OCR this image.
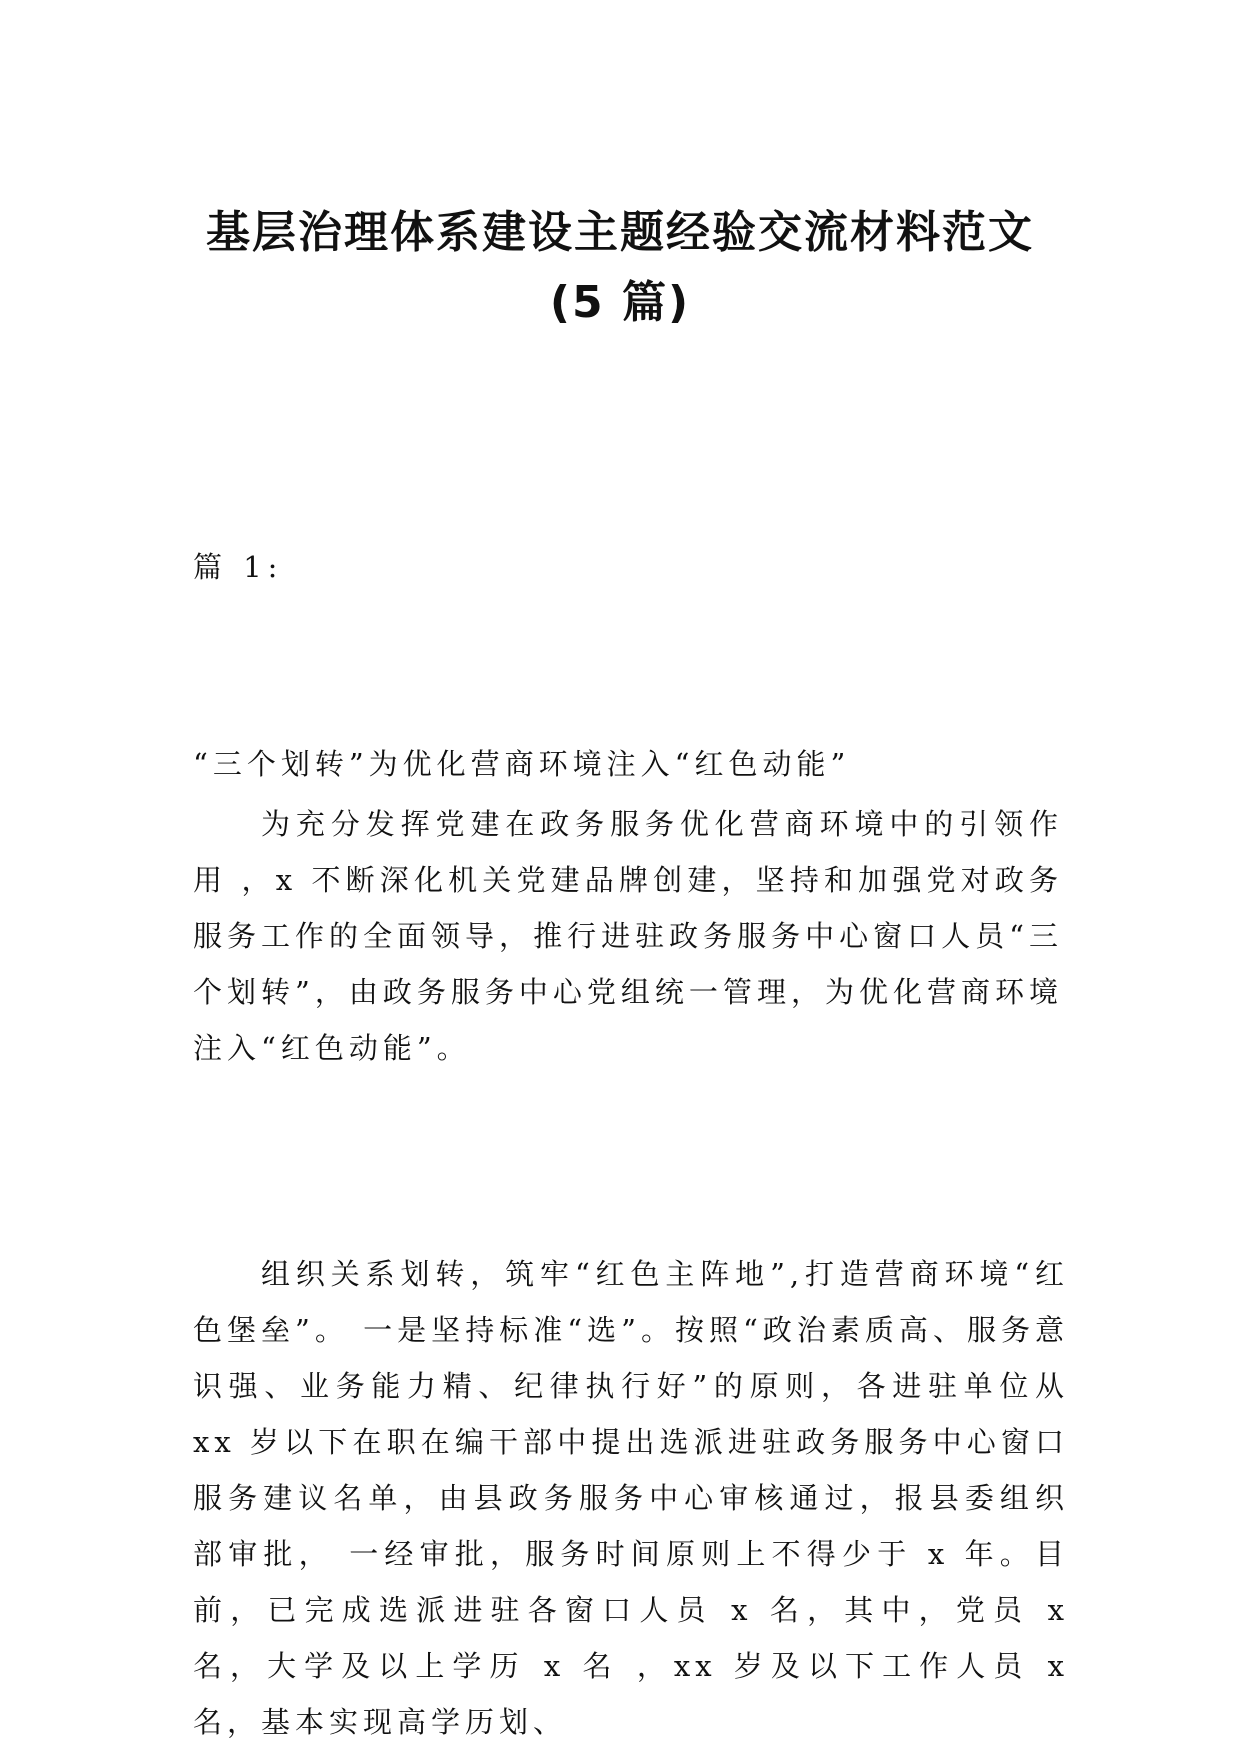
基层治理体系建设主题经验交流材料范文
(5 篇)
篇 1:
“三个划转”为优化营商环境注入“红色动能”

为充分发挥党建在政务服务优化营商环境中的引领作用 ，x 不断深化机关党建品牌创建，坚持和加强党对政务服务工作的全面领导，推行进驻政务服务中心窗口人员“三个划转”，由政务服务中心党组统一管理，为优化营商环境注入“红色动能”。

组织关系划转，筑牢“红色主阵地”,打造营商环境“红色堡垒”。 一是坚持标准“选”。按照“政治素质高、服务意识强、业务能力精、纪律执行好”的原则，各进驻单位从 xx 岁以下在职在编干部中提出选派进驻政务服务中心窗口服务建议名单，由县政务服务中心审核通过，报县委组织部审批， 一经审批，服务时间原则上不得少于 x 年。目前，已完成选派进驻各窗口人员 x 名，其中，党员 x 名，大学及以上学历 x 名 ，xx 岁及以下工作人员 x 名，基本实现高学历划、
